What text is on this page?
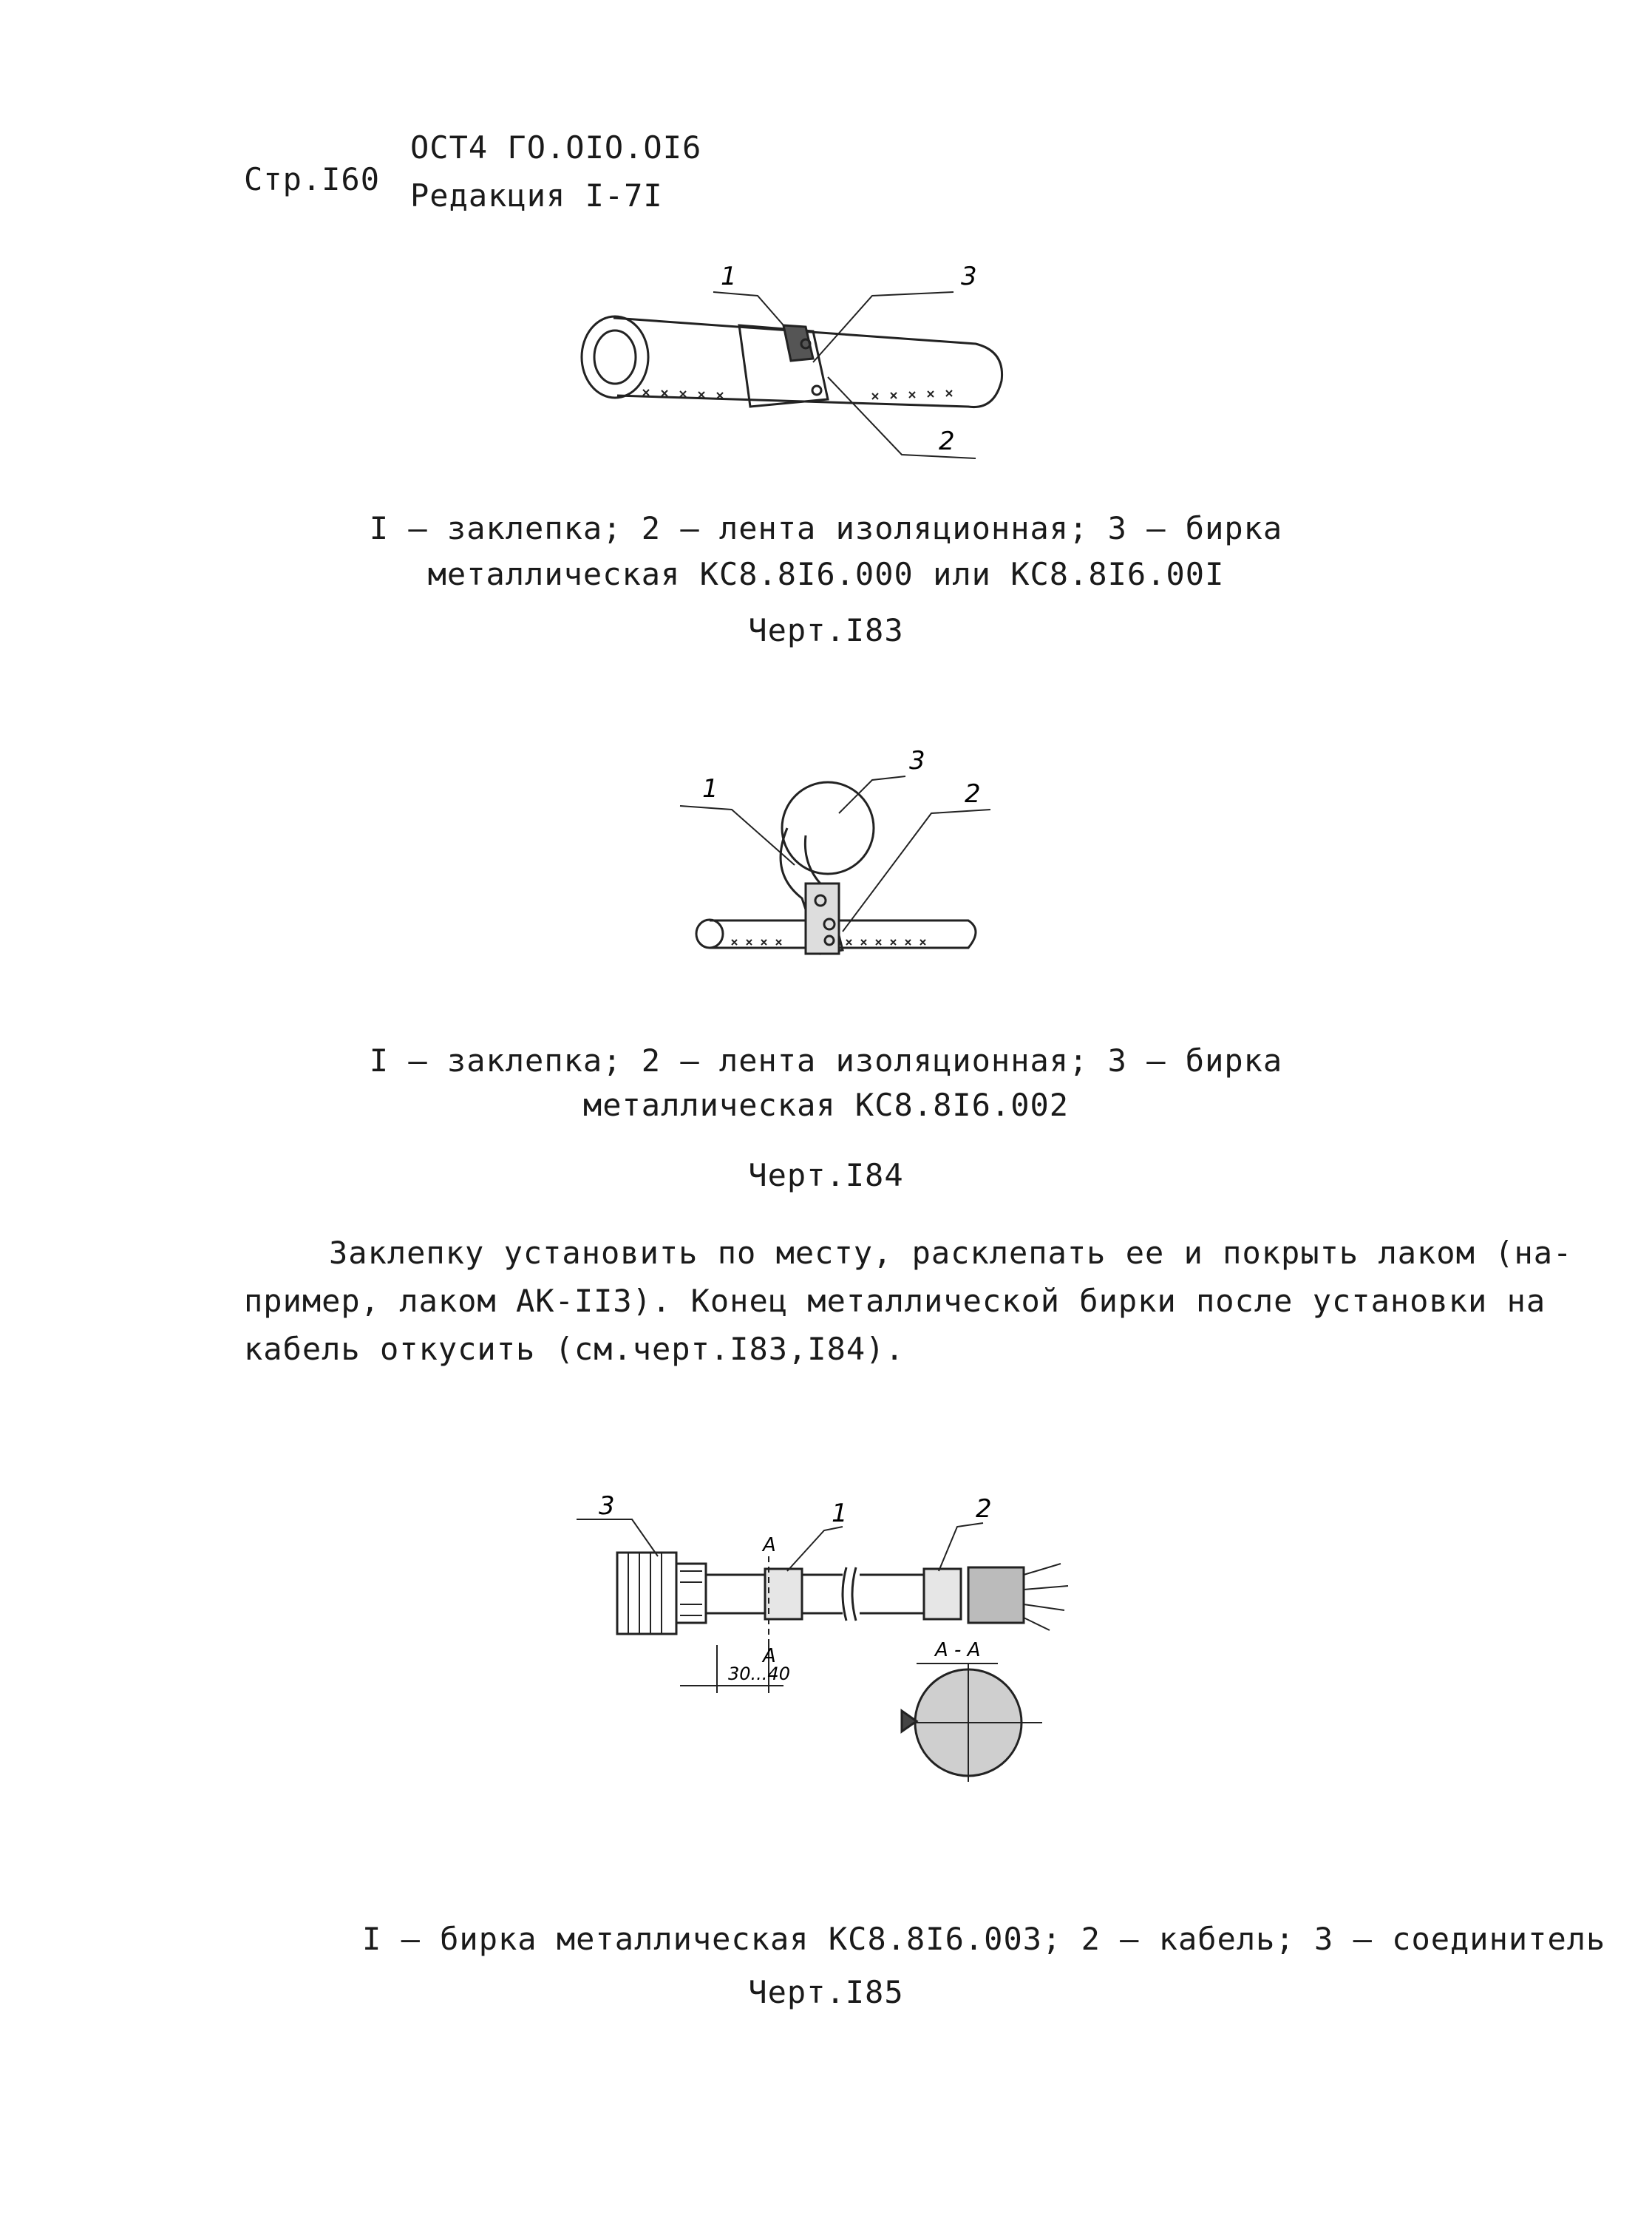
Стр.I60
ОСТ4 ГО.ОIО.ОI6
Редакция I-7I
1
2
3
I – заклепка; 2 – лента изоляционная; 3 – бирка
металлическая КС8.8I6.000 или КС8.8I6.00I
Черт.I83
1	2
3
I – заклепка; 2 – лента изоляционная; 3 – бирка
металлическая КС8.8I6.002
Черт.I84
Заклепку установить по месту, расклепать ее и покрыть лаком (на-
пример, лаком АК-II3). Конец металлической бирки после установки на
кабель откусить (см.черт.I83,I84).
3	1	2
A
A
30...40
А - А
I – бирка металлическая КС8.8I6.003; 2 – кабель; 3 – соединитель
Черт.I85
